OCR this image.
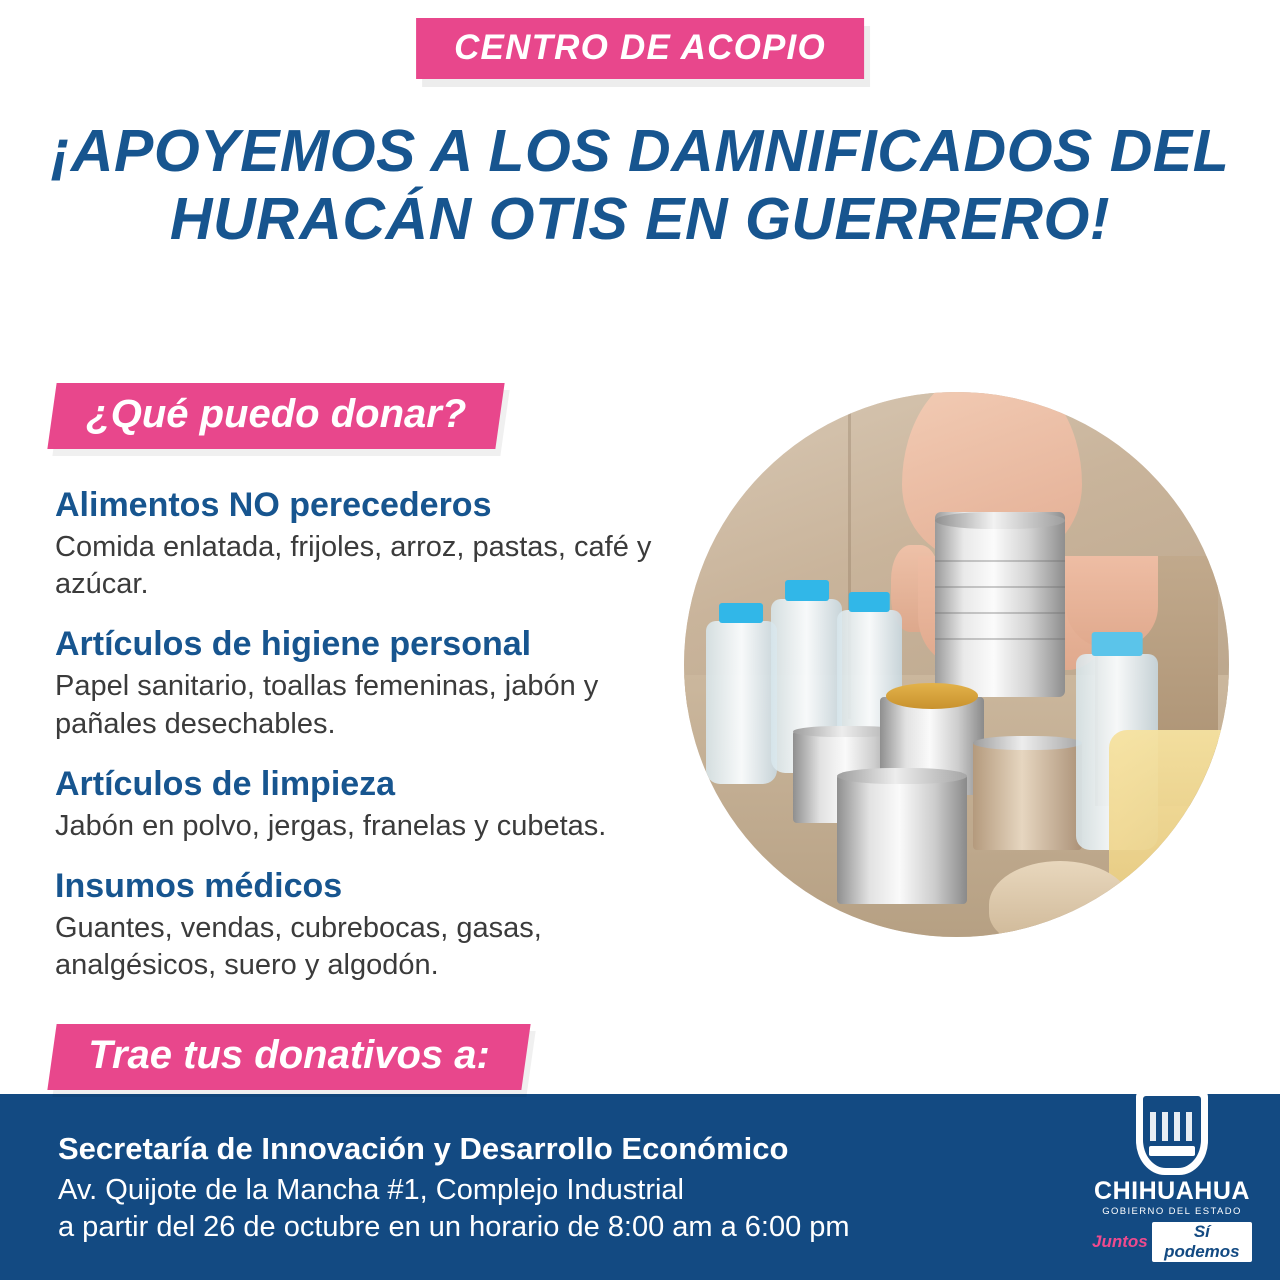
CENTRO DE ACOPIO
¡APOYEMOS A LOS DAMNIFICADOS DEL HURACÁN OTIS EN GUERRERO!
¿Qué puedo donar?
Alimentos NO perecederos
Comida enlatada, frijoles, arroz, pastas, café y azúcar.
Artículos de higiene personal
Papel sanitario, toallas femeninas, jabón y pañales desechables.
Artículos de limpieza
Jabón en polvo, jergas, franelas y cubetas.
Insumos médicos
Guantes, vendas, cubrebocas, gasas, analgésicos, suero y algodón.
Trae tus donativos a:
Secretaría de Innovación y Desarrollo Económico
Av. Quijote de la Mancha #1, Complejo Industrial
a partir del 26 de octubre en un horario de 8:00 am a 6:00 pm
CHIHUAHUA
GOBIERNO DEL ESTADO
Juntos
Sí podemos
